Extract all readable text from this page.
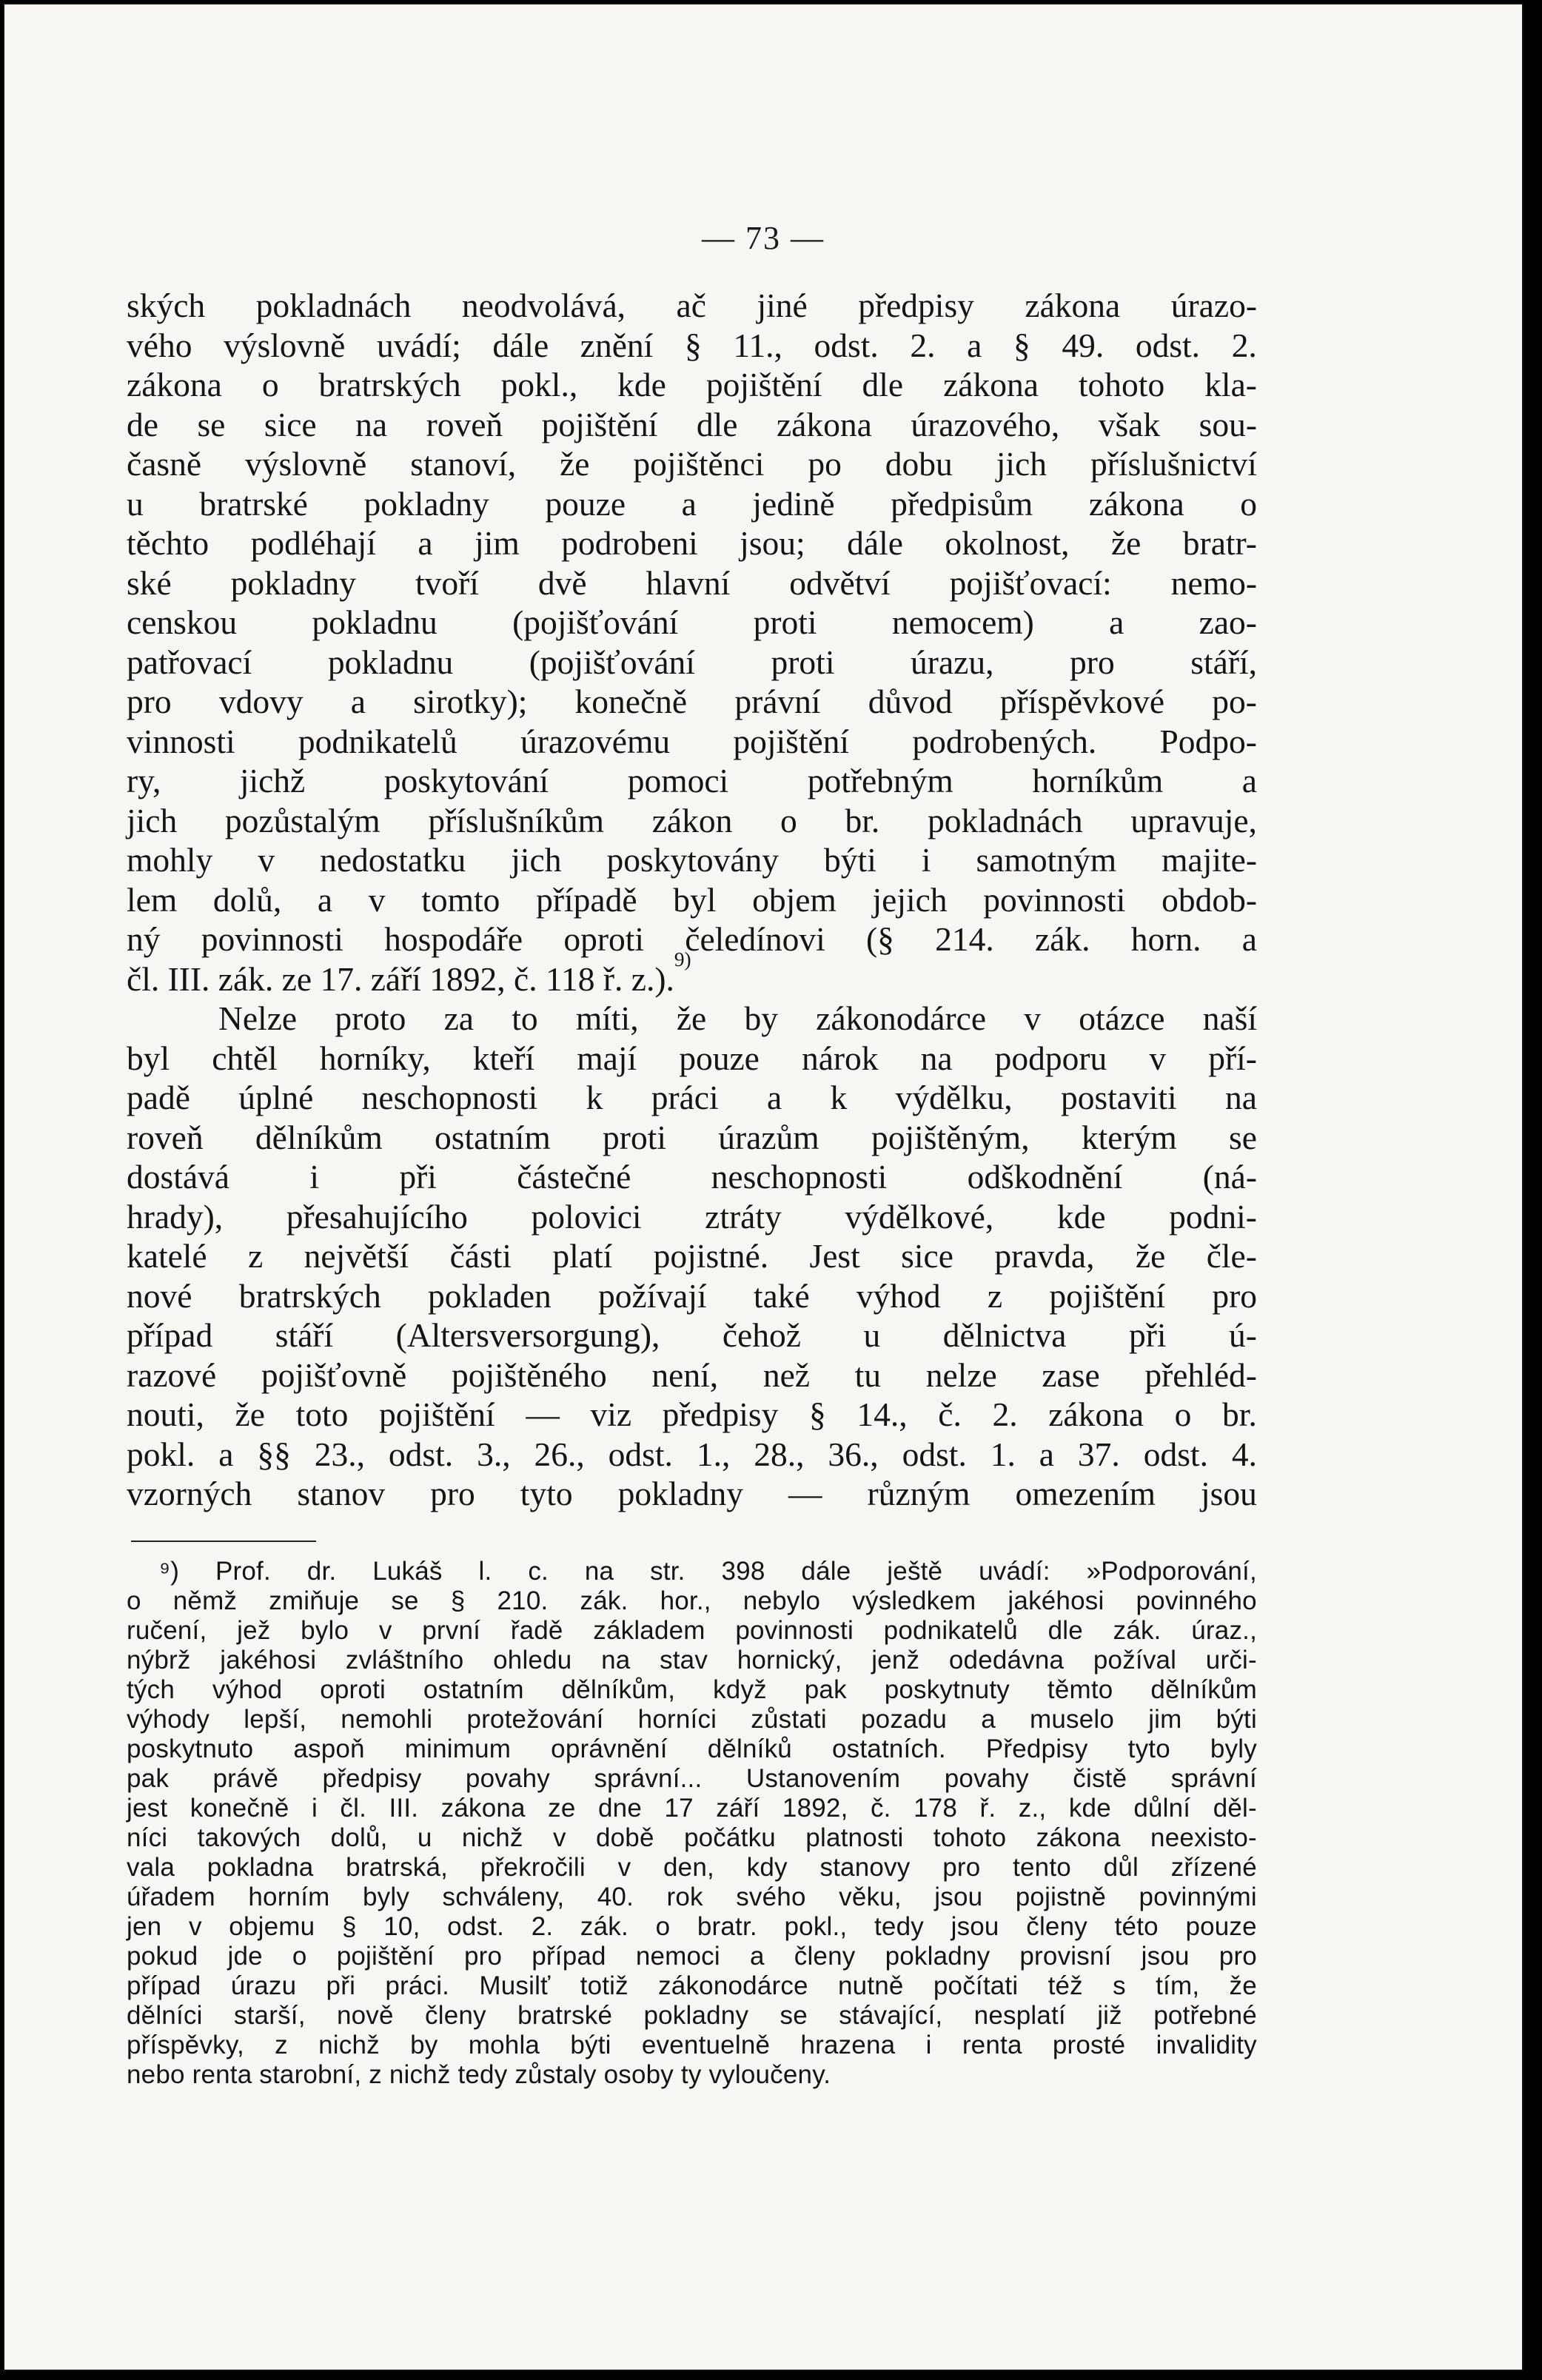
— 73 —
ských pokladnách neodvolává, ač jiné předpisy zákona úrazo-
vého výslovně uvádí; dále znění § 11., odst. 2. a § 49. odst. 2.
zákona o bratrských pokl., kde pojištění dle zákona tohoto kla-
de se sice na roveň pojištění dle zákona úrazového, však sou-
časně výslovně stanoví, že pojištěnci po dobu jich příslušnictví
u bratrské pokladny pouze a jedině předpisům zákona o
těchto podléhají a jim podrobeni jsou; dále okolnost, že bratr-
ské pokladny tvoří dvě hlavní odvětví pojišťovací: nemo-
censkou pokladnu (pojišťování proti nemocem) a zao-
patřovací pokladnu (pojišťování proti úrazu, pro stáří,
pro vdovy a sirotky); konečně právní důvod příspěvkové po-
vinnosti podnikatelů úrazovému pojištění podrobených. Podpo-
ry, jichž poskytování pomoci potřebným horníkům a
jich pozůstalým příslušníkům zákon o br. pokladnách upravuje,
mohly v nedostatku jich poskytovány býti i samotným majite-
lem dolů, a v tomto případě byl objem jejich povinnosti obdob-
ný povinnosti hospodáře oproti čeledínovi (§ 214. zák. horn. a
čl. III. zák. ze 17. září 1892, č. 118 ř. z.).
9)
Nelze proto za to míti, že by zákonodárce v otázce naší
byl chtěl horníky, kteří mají pouze nárok na podporu v pří-
padě úplné neschopnosti k práci a k výdělku, postaviti na
roveň dělníkům ostatním proti úrazům pojištěným, kterým se
dostává i při částečné neschopnosti odškodnění (ná-
hrady), přesahujícího polovici ztráty výdělkové, kde podni-
katelé z největší části platí pojistné. Jest sice pravda, že čle-
nové bratrských pokladen požívají také výhod z pojištění pro
případ stáří (Altersversorgung), čehož u dělnictva při ú-
razové pojišťovně pojištěného není, než tu nelze zase přehléd-
nouti, že toto pojištění — viz předpisy § 14., č. 2. zákona o br.
pokl. a §§ 23., odst. 3., 26., odst. 1., 28., 36., odst. 1. a 37. odst. 4.
vzorných stanov pro tyto pokladny — různým omezením jsou
⁹) Prof. dr. Lukáš l. c. na str. 398 dále ještě uvádí: »Podporování,
o němž zmiňuje se § 210. zák. hor., nebylo výsledkem jakéhosi povinného
ručení, jež bylo v první řadě základem povinnosti podnikatelů dle zák. úraz.,
nýbrž jakéhosi zvláštního ohledu na stav hornický, jenž odedávna požíval urči-
tých výhod oproti ostatním dělníkům, když pak poskytnuty těmto dělníkům
výhody lepší, nemohli protežování horníci zůstati pozadu a muselo jim býti
poskytnuto aspoň minimum oprávnění dělníků ostatních. Předpisy tyto byly
pak právě předpisy povahy správní... Ustanovením povahy čistě správní
jest konečně i čl. III. zákona ze dne 17 září 1892, č. 178 ř. z., kde důlní děl-
níci takových dolů, u nichž v době počátku platnosti tohoto zákona neexisto-
vala pokladna bratrská, překročili v den, kdy stanovy pro tento důl zřízené
úřadem horním byly schváleny, 40. rok svého věku, jsou pojistně povinnými
jen v objemu § 10, odst. 2. zák. o bratr. pokl., tedy jsou členy této pouze
pokud jde o pojištění pro případ nemoci a členy pokladny provisní jsou pro
případ úrazu při práci. Musilť totiž zákonodárce nutně počítati též s tím, že
dělníci starší, nově členy bratrské pokladny se stávající, nesplatí již potřebné
příspěvky, z nichž by mohla býti eventuelně hrazena i renta prosté invalidity
nebo renta starobní, z nichž tedy zůstaly osoby ty vyloučeny.
